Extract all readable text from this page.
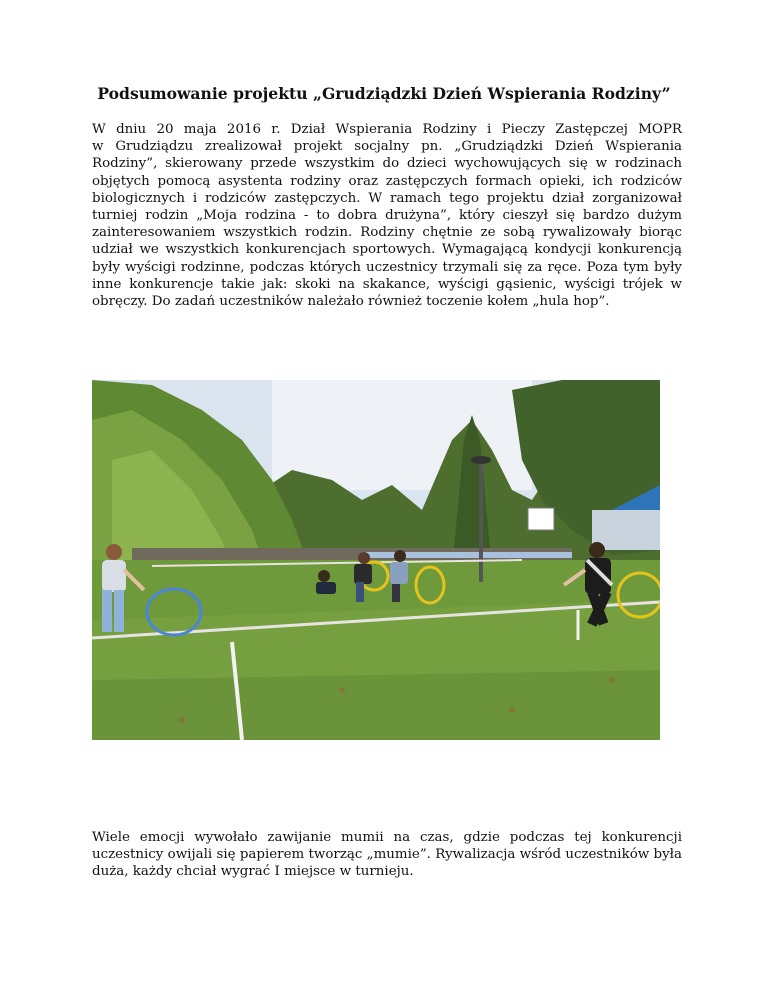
Podsumowanie projektu „Grudziądzki Dzień Wspierania Rodziny”
W dniu 20 maja 2016 r. Dział Wspierania Rodziny i Pieczy Zastępczej MOPR
w Grudziądzu zrealizował projekt socjalny pn. „Grudziądzki Dzień Wspierania
Rodziny”, skierowany przede wszystkim do dzieci wychowujących się w rodzinach
objętych pomocą asystenta rodziny oraz zastępczych formach opieki, ich rodziców
biologicznych i rodziców zastępczych. W ramach tego projektu dział zorganizował
turniej rodzin „Moja rodzina - to dobra drużyna”, który cieszył się bardzo dużym
zainteresowaniem wszystkich rodzin. Rodziny chętnie ze sobą rywalizowały biorąc
udział we wszystkich konkurencjach sportowych. Wymagającą kondycji konkurencją
były wyścigi rodzinne, podczas których uczestnicy trzymali się za ręce. Poza tym były
inne konkurencje takie jak: skoki na skakance, wyścigi gąsienic, wyścigi trójek w
obręczy. Do zadań uczestników należało również toczenie kołem „hula hop”.
Wiele emocji wywołało zawijanie mumii na czas, gdzie podczas tej konkurencji
uczestnicy owijali się papierem tworząc „mumie”. Rywalizacja wśród uczestników była
duża, każdy chciał wygrać I miejsce w turnieju.
